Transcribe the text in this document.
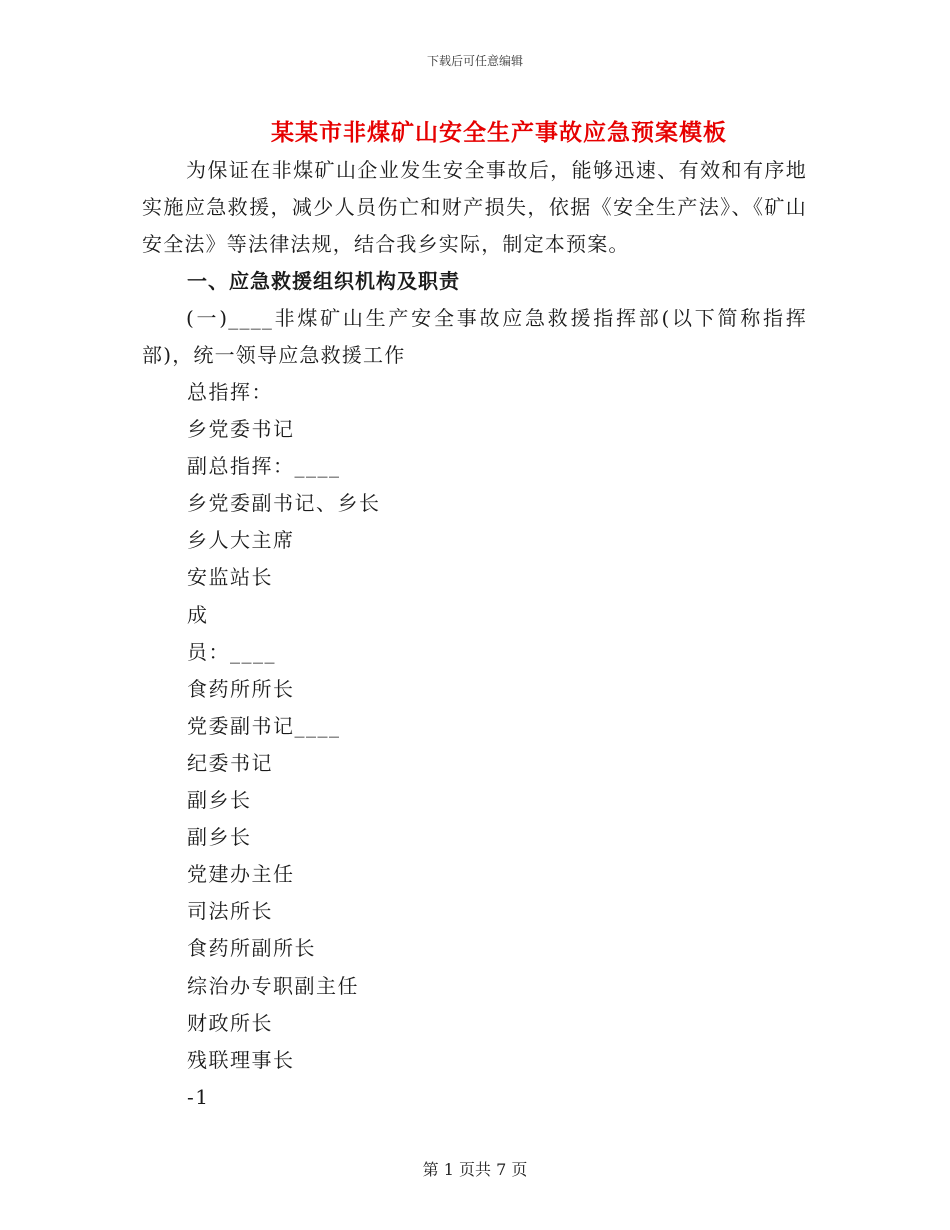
下载后可任意编辑
某某市非煤矿山安全生产事故应急预案模板
为保证在非煤矿山企业发生安全事故后，能够迅速、有效和有序地实施应急救援，减少人员伤亡和财产损失，依据《安全生产法》、《矿山安全法》等法律法规，结合我乡实际，制定本预案。
一、应急救援组织机构及职责
(一)____非煤矿山生产安全事故应急救援指挥部(以下简称指挥部)，统一领导应急救援工作
总指挥：
乡党委书记
副总指挥：____
乡党委副书记、乡长
乡人大主席
安监站长
成
员：____
食药所所长
党委副书记____
纪委书记
副乡长
副乡长
党建办主任
司法所长
食药所副所长
综治办专职副主任
财政所长
残联理事长
-1
第 1 页共 7 页
